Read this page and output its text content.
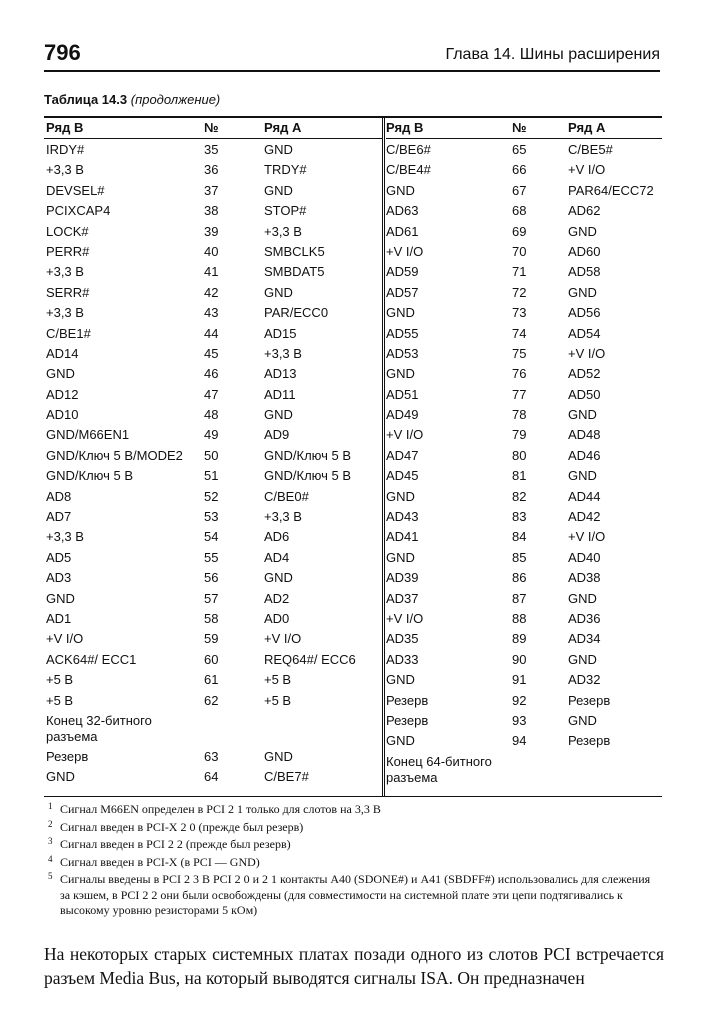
796	Глава 14. Шины расширения
Таблица 14.3 (продолжение)
Ряд B	№	Ряд A
IRDY#	35	GND
+3,3 В	36	TRDY#
DEVSEL#	37	GND
PCIXCAP4	38	STOP#
LOCK#	39	+3,3 В
PERR#	40	SMBCLK5
+3,3 В	41	SMBDAT5
SERR#	42	GND
+3,3 В	43	PAR/ECC0
C/BE1#	44	AD15
AD14	45	+3,3 В
GND	46	AD13
AD12	47	AD11
AD10	48	GND
GND/M66EN1	49	AD9
GND/Ключ 5 В/MODE2	50	GND/Ключ 5 В
GND/Ключ 5 В	51	GND/Ключ 5 В
AD8	52	C/BE0#
AD7	53	+3,3 В
+3,3 В	54	AD6
AD5	55	AD4
AD3	56	GND
GND	57	AD2
AD1	58	AD0
+V I/O	59	+V I/O
ACK64#/ ECC1	60	REQ64#/ ECC6
+5 В	61	+5 В
+5 В	62	+5 В
Конец 32-битного разъема
Резерв	63	GND
GND	64	C/BE7#
Ряд B	№	Ряд A
C/BE6#	65	C/BE5#
C/BE4#	66	+V I/O
GND	67	PAR64/ECC72
AD63	68	AD62
AD61	69	GND
+V I/O	70	AD60
AD59	71	AD58
AD57	72	GND
GND	73	AD56
AD55	74	AD54
AD53	75	+V I/O
GND	76	AD52
AD51	77	AD50
AD49	78	GND
+V I/O	79	AD48
AD47	80	AD46
AD45	81	GND
GND	82	AD44
AD43	83	AD42
AD41	84	+V I/O
GND	85	AD40
AD39	86	AD38
AD37	87	GND
+V I/O	88	AD36
AD35	89	AD34
AD33	90	GND
GND	91	AD32
Резерв	92	Резерв
Резерв	93	GND
GND	94	Резерв
Конец 64-битного разъема
1 Сигнал M66EN определен в PCI 2 1 только для слотов на 3,3 В
2 Сигнал введен в PCI-X 2 0 (прежде был резерв)
3 Сигнал введен в PCI 2 2 (прежде был резерв)
4 Сигнал введен в PCI-X (в PCI — GND)
5 Сигналы введены в PCI 2 3 В PCI 2 0 и 2 1 контакты A40 (SDONE#) и A41 (SBDFF#) использовались для слежения за кэшем, в PCI 2 2 они были освобождены (для совместимости на системной плате эти цепи подтягивались к высокому уровню резисторами 5 кОм)
На некоторых старых системных платах позади одного из слотов PCI встречается разъем Media Bus, на который выводятся сигналы ISA. Он предназначен
